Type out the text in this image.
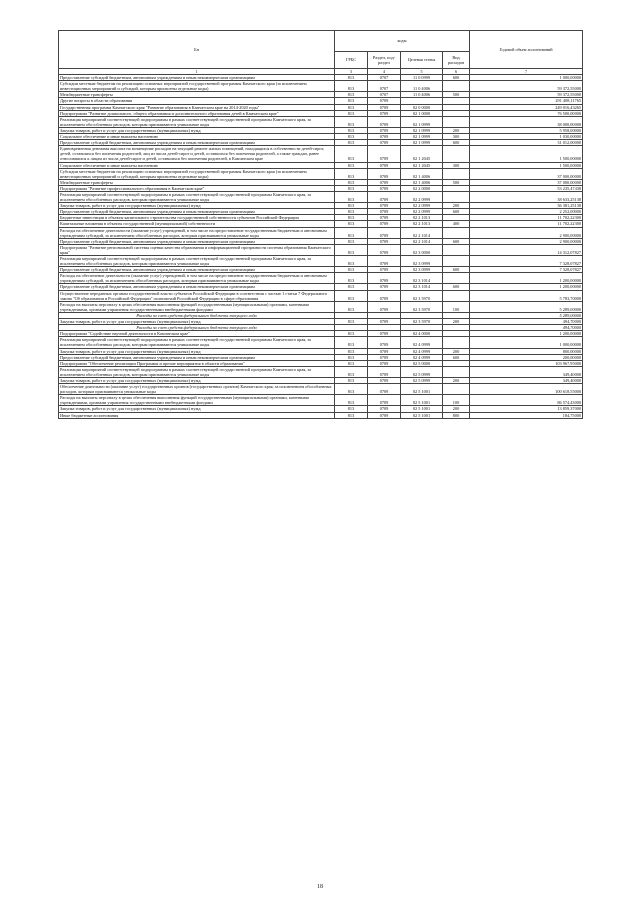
Бн	коды				Годовой объем ассигнований
	ГРБС	Раздел, под-раздел	Целевая статья	Вид расходов	
1	3	4	5	6	7
Предоставление субсидий бюджетным, автономным учреждениям и иным некоммерческим организациям	813	0707	11 0 0999	600	1 000,00000
Субсидии местным бюджетам на реализацию основных мероприятий государственной программы Камчатского края (за исключением инвестиционных мероприятий и субсидий, которым присвоены отдельные коды)	813	0707	11 0 4006		59 372,55000
Межбюджетные трансферты	813	0707	11 0 4006	500	59 372,55000
Другие вопросы в области образования	813	0709			291 408,11765
Государственная программа Камчатского края "Развитие образования в Камчатском крае на 2014-2020 годы"	813	0709	02 0 0000		249 016,43265
Подпрограмма "Развитие дошкольного, общего образования и дополнительного образования детей в Камчатском крае"	813	0709	02 1 0000		76 500,00000
Реализация мероприятий соответствующей подпрограммы в рамках соответствующей государственной программы Камчатского края, за исключением обособленных расходов, которым присваиваются уникальные коды	813	0709	02 1 0999		38 000,00000
Закупка товаров, работ и услуг для государственных (муниципальных) нужд	813	0709	02 1 0999	200	5 958,00000
Социальное обеспечение и иные выплаты населению	813	0709	02 1 0999	300	1 030,00000
Предоставление субсидий бюджетным, автономным учреждениям и иным некоммерческим организациям	813	0709	02 1 0999	600	31 012,00000
Единовременная денежная выплата на возмещение расходов на текущий ремонт жилых помещений, находящихся в собственности детей-сирот, детей, оставшихся без попечения родителей, лиц из числа детей-сирот и детей, оставшихся без попечения родителей, а также граждан, ранее относившихся к лицам из числа детей-сирот и детей, оставшихся без попечения родителей, в Камчатском крае	813	0709	02 1 2045		1 500,00000
Социальное обеспечение и иные выплаты населению	813	0709	02 1 2045	300	1 500,00000
Субсидии местным бюджетам на реализацию основных мероприятий государственной программы Камчатского края (за исключением инвестиционных мероприятий и субсидий, которым присвоены отдельные коды)	813	0709	02 1 4006		37 000,00000
Межбюджетные трансферты	813	0709	02 1 4006	500	37 000,00000
Подпрограмма "Развитие профессионального образования в Камчатском крае"	813	0709	02 2 0000		53 235,47438
Реализация мероприятий соответствующей подпрограммы в рамках соответствующей государственной программы Камчатского края, за исключением обособленных расходов, которым присваиваются уникальные коды	813	0709	02 2 0999		38 633,25138
Закупка товаров, работ и услуг для государственных (муниципальных) нужд	813	0709	02 2 0999	200	36 381,25138
Предоставление субсидий бюджетным, автономным учреждениям и иным некоммерческим организациям	813	0709	02 2 0999	600	2 252,00000
Бюджетные инвестиции в объекты капитального строительства государственной собственности субъектов Российской Федерации	813	0709	02 2 1013		11 702,22300
Капитальные вложения в объекты государственной (муниципальной) собственности	813	0709	02 2 1013	400	11 702,22300
Расходы на обеспечение деятельности (оказание услуг) учреждений, в том числе на предоставление государственным бюджетным и автономным учреждениям субсидий, за исключением обособленных расходов, которым присваиваются уникальные коды	813	0709	02 2 1014		2 900,00000
Предоставление субсидий бюджетным, автономным учреждениям и иным некоммерческим организациям	813	0709	02 2 1014	600	2 900,00000
Подпрограмма "Развитие региональной системы оценки качества образования и информационной прозрачности системы образования Камчатского края"	813	0709	02 3 0000		14 312,07827
Реализация мероприятий соответствующей подпрограммы в рамках соответствующей государственной программы Камчатского края, за исключением обособленных расходов, которым присваиваются уникальные коды	813	0709	02 3 0999		7 328,07827
Предоставление субсидий бюджетным, автономным учреждениям и иным некоммерческим организациям	813	0709	02 3 0999	600	7 328,07827
Расходы на обеспечение деятельности (оказание услуг) учреждений, в том числе на предоставление государственным бюджетным и автономным учреждениям субсидий, за исключением обособленных расходов, которым присваиваются уникальные коды	813	0709	02 3 1014		1 200,00000
Предоставление субсидий бюджетным, автономным учреждениям и иным некоммерческим организациям	813	0709	02 3 1014	600	1 200,00000
Осуществление переданных органам государственной власти субъектов Российской Федерации в соответствии с частью 1 статьи 7 Федерального закона "Об образовании в Российской Федерации" полномочий Российской Федерации в сфере образования	813	0709	02 3 5970		5 783,70000
Расходы на выплаты персоналу в целях обеспечения выполнения функций государственными (муниципальными) органами, казенными учреждениями, органами управления государственными внебюджетными фондами	813	0709	02 3 5970	100	5 289,00000
Расходы за счет средств федерального бюджета текущего года					5 289,00000
Закупка товаров, работ и услуг для государственных (муниципальных) нужд	813	0709	02 3 5970	200	494,70000
Расходы за счет средств федерального бюджета текущего года					494,70000
Подпрограмма "Содействие научной деятельности в Камчатском крае"	813	0709	02 4 0000		1 200,00000
Реализация мероприятий соответствующей подпрограммы в рамках соответствующей государственной программы Камчатского края, за исключением обособленных расходов, которым присваиваются уникальные коды	813	0709	02 4 0999		1 000,00000
Закупка товаров, работ и услуг для государственных (муниципальных) нужд	813	0709	02 4 0999	200	800,00000
Предоставление субсидий бюджетным, автономным учреждениям и иным некоммерческим организациям	813	0709	02 4 0999	600	200,00000
Подпрограмма "Обеспечение реализации Программы и прочие мероприятия в области образования"	813	0709	02 5 0000		103 967,95000
Реализация мероприятий соответствующей подпрограммы в рамках соответствующей государственной программы Камчатского края, за исключением обособленных расходов, которым присваиваются уникальные коды	813	0709	02 5 0999		349,40000
Закупка товаров, работ и услуг для государственных (муниципальных) нужд	813	0709	02 5 0999	200	349,40000
Обеспечение деятельности (оказание услуг) государственных органов (государственных органов) Камчатского края, за исключением обособленных расходов, которым присваиваются уникальные коды	813	0709	02 5 1001		100 618,55000
Расходы на выплаты персоналу в целях обеспечения выполнения функций государственными (муниципальными) органами, казенными учреждениями, органами управления государственными внебюджетными фондами	813	0709	02 5 1001	100	86 574,43000
Закупка товаров, работ и услуг для государственных (муниципальных) нужд	813	0709	02 5 1001	200	13 859,37000
Иные бюджетные ассигнования	813	0709	02 5 1001	800	184,75000
18
